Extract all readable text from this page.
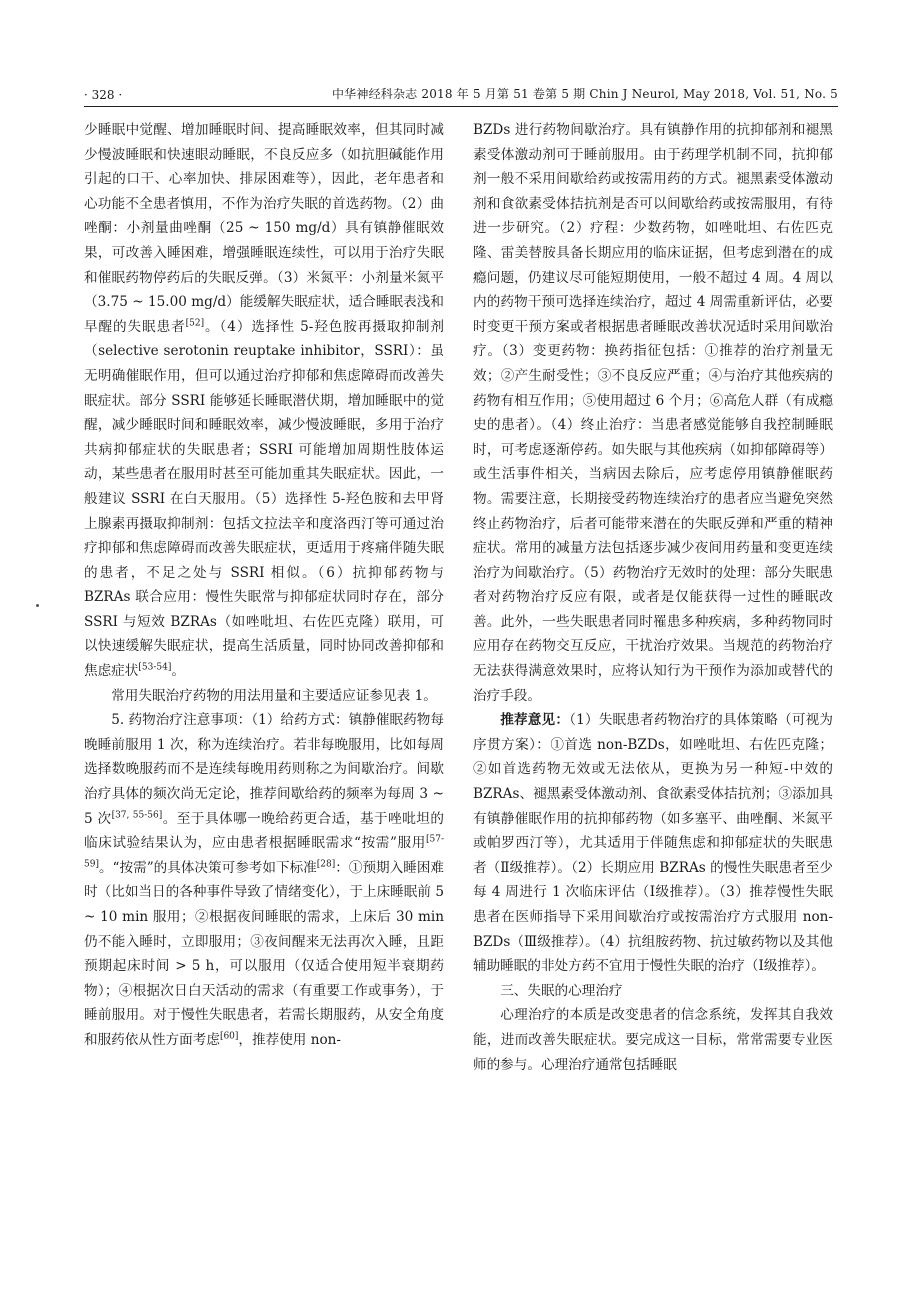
· 328 ·	中华神经科杂志 2018 年 5 月第 51 卷第 5 期 Chin J Neurol, May 2018, Vol. 51, No. 5

少睡眠中觉醒、增加睡眠时间、提高睡眠效率，但其同时减少慢波睡眠和快速眼动睡眠，不良反应多（如抗胆碱能作用引起的口干、心率加快、排尿困难等），因此，老年患者和心功能不全患者慎用，不作为治疗失眠的首选药物。（2）曲唑酮：小剂量曲唑酮（25 ~ 150 mg/d）具有镇静催眠效果，可改善入睡困难，增强睡眠连续性，可以用于治疗失眠和催眠药物停药后的失眠反弹。（3）米氮平：小剂量米氮平（3.75 ~ 15.00 mg/d）能缓解失眠症状，适合睡眠表浅和早醒的失眠患者[52]。（4）选择性 5-羟色胺再摄取抑制剂（selective serotonin reuptake inhibitor，SSRI）：虽无明确催眠作用，但可以通过治疗抑郁和焦虑障碍而改善失眠症状。部分 SSRI 能够延长睡眠潜伏期，增加睡眠中的觉醒，减少睡眠时间和睡眠效率，减少慢波睡眠，多用于治疗共病抑郁症状的失眠患者；SSRI 可能增加周期性肢体运动，某些患者在服用时甚至可能加重其失眠症状。因此，一般建议 SSRI 在白天服用。（5）选择性 5-羟色胺和去甲肾上腺素再摄取抑制剂：包括文拉法辛和度洛西汀等可通过治疗抑郁和焦虑障碍而改善失眠症状，更适用于疼痛伴随失眠的患者，不足之处与 SSRI 相似。（6）抗抑郁药物与 BZRAs 联合应用：慢性失眠常与抑郁症状同时存在，部分 SSRI 与短效 BZRAs（如唑吡坦、右佐匹克隆）联用，可以快速缓解失眠症状，提高生活质量，同时协同改善抑郁和焦虑症状[53-54]。

常用失眠治疗药物的用法用量和主要适应证参见表 1。

5. 药物治疗注意事项：（1）给药方式：镇静催眠药物每晚睡前服用 1 次，称为连续治疗。若非每晚服用，比如每周选择数晚服药而不是连续每晚用药则称之为间歇治疗。间歇治疗具体的频次尚无定论，推荐间歇给药的频率为每周 3 ~ 5 次[37, 55-56]。至于具体哪一晚给药更合适，基于唑吡坦的临床试验结果认为，应由患者根据睡眠需求“按需”服用[57-59]。“按需”的具体决策可参考如下标准[28]：①预期入睡困难时（比如当日的各种事件导致了情绪变化），于上床睡眠前 5 ~ 10 min 服用；②根据夜间睡眠的需求，上床后 30 min 仍不能入睡时，立即服用；③夜间醒来无法再次入睡，且距预期起床时间 > 5 h，可以服用（仅适合使用短半衰期药物）；④根据次日白天活动的需求（有重要工作或事务），于睡前服用。对于慢性失眠患者，若需长期服药，从安全角度和服药依从性方面考虑[60]，推荐使用 non-

BZDs 进行药物间歇治疗。具有镇静作用的抗抑郁剂和褪黑素受体激动剂可于睡前服用。由于药理学机制不同，抗抑郁剂一般不采用间歇给药或按需用药的方式。褪黑素受体激动剂和食欲素受体拮抗剂是否可以间歇给药或按需服用，有待进一步研究。（2）疗程：少数药物，如唑吡坦、右佐匹克隆、雷美替胺具备长期应用的临床证据，但考虑到潜在的成瘾问题，仍建议尽可能短期使用，一般不超过 4 周。4 周以内的药物干预可选择连续治疗，超过 4 周需重新评估，必要时变更干预方案或者根据患者睡眠改善状况适时采用间歇治疗。（3）变更药物：换药指征包括：①推荐的治疗剂量无效；②产生耐受性；③不良反应严重；④与治疗其他疾病的药物有相互作用；⑤使用超过 6 个月；⑥高危人群（有成瘾史的患者）。（4）终止治疗：当患者感觉能够自我控制睡眠时，可考虑逐渐停药。如失眠与其他疾病（如抑郁障碍等）或生活事件相关，当病因去除后，应考虑停用镇静催眠药物。需要注意，长期接受药物连续治疗的患者应当避免突然终止药物治疗，后者可能带来潜在的失眠反弹和严重的精神症状。常用的减量方法包括逐步减少夜间用药量和变更连续治疗为间歇治疗。（5）药物治疗无效时的处理：部分失眠患者对药物治疗反应有限，或者是仅能获得一过性的睡眠改善。此外，一些失眠患者同时罹患多种疾病，多种药物同时应用存在药物交互反应，干扰治疗效果。当规范的药物治疗无法获得满意效果时，应将认知行为干预作为添加或替代的治疗手段。

推荐意见：（1）失眠患者药物治疗的具体策略（可视为序贯方案）：①首选 non-BZDs，如唑吡坦、右佐匹克隆；②如首选药物无效或无法依从，更换为另一种短-中效的 BZRAs、褪黑素受体激动剂、食欲素受体拮抗剂；③添加具有镇静催眠作用的抗抑郁药物（如多塞平、曲唑酮、米氮平或帕罗西汀等），尤其适用于伴随焦虑和抑郁症状的失眠患者（Ⅱ级推荐）。（2）长期应用 BZRAs 的慢性失眠患者至少每 4 周进行 1 次临床评估（Ⅰ级推荐）。（3）推荐慢性失眠患者在医师指导下采用间歇治疗或按需治疗方式服用 non-BZDs（Ⅲ级推荐）。（4）抗组胺药物、抗过敏药物以及其他辅助睡眠的非处方药不宜用于慢性失眠的治疗（Ⅰ级推荐）。

三、失眠的心理治疗

心理治疗的本质是改变患者的信念系统，发挥其自我效能，进而改善失眠症状。要完成这一目标，常常需要专业医师的参与。心理治疗通常包括睡眠
